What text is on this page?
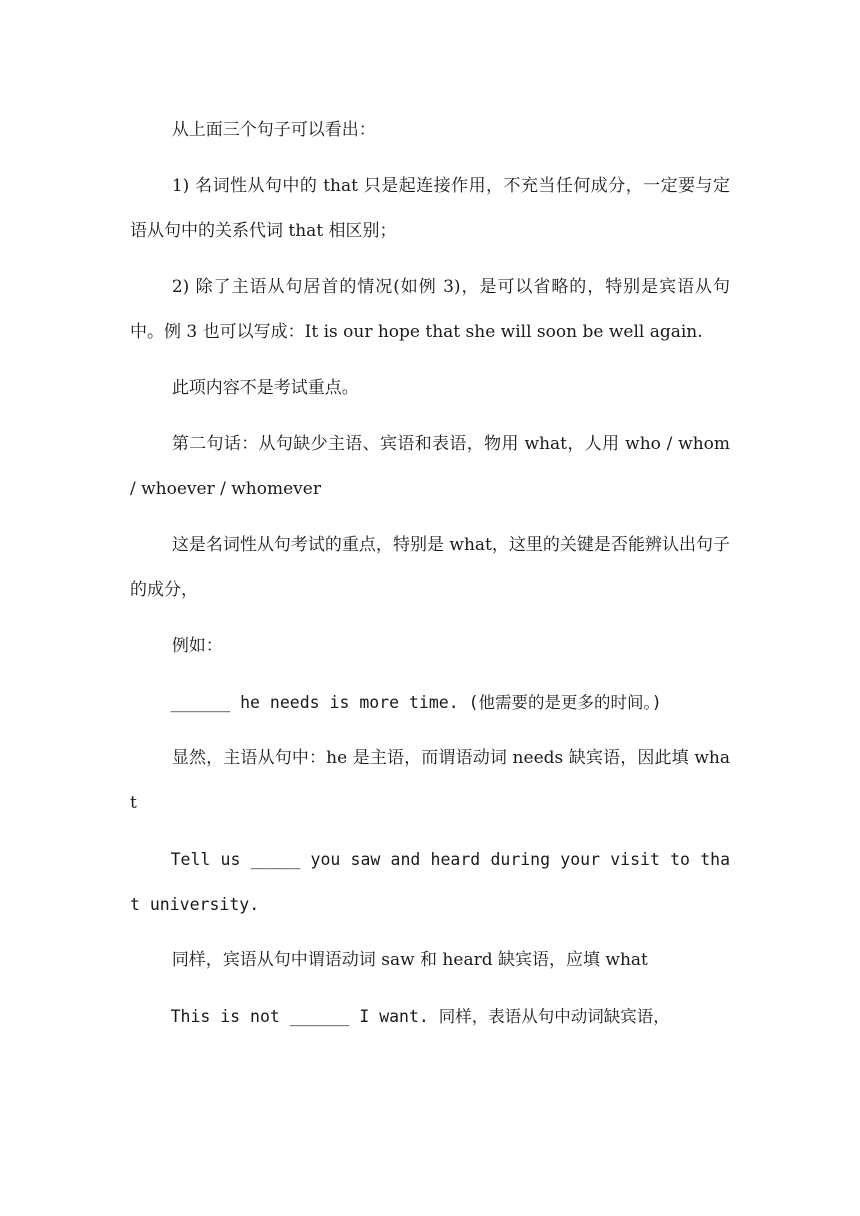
从上面三个句子可以看出：

1) 名词性从句中的 that 只是起连接作用，不充当任何成分，一定要与定语从句中的关系代词 that 相区别；

2) 除了主语从句居首的情况(如例 3)，是可以省略的，特别是宾语从句中。例 3 也可以写成：It is our hope that she will soon be well again.

此项内容不是考试重点。

第二句话：从句缺少主语、宾语和表语，物用 what，人用 who / whom / whoever / whomever

这是名词性从句考试的重点，特别是 what，这里的关键是否能辨认出句子的成分，

例如：

______ he needs is more time. (他需要的是更多的时间。)

显然，主语从句中：he 是主语，而谓语动词 needs 缺宾语，因此填 what

Tell us _____ you saw and heard during your visit to that university.

同样，宾语从句中谓语动词 saw 和 heard 缺宾语，应填 what

This is not ______ I want. 同样，表语从句中动词缺宾语，
